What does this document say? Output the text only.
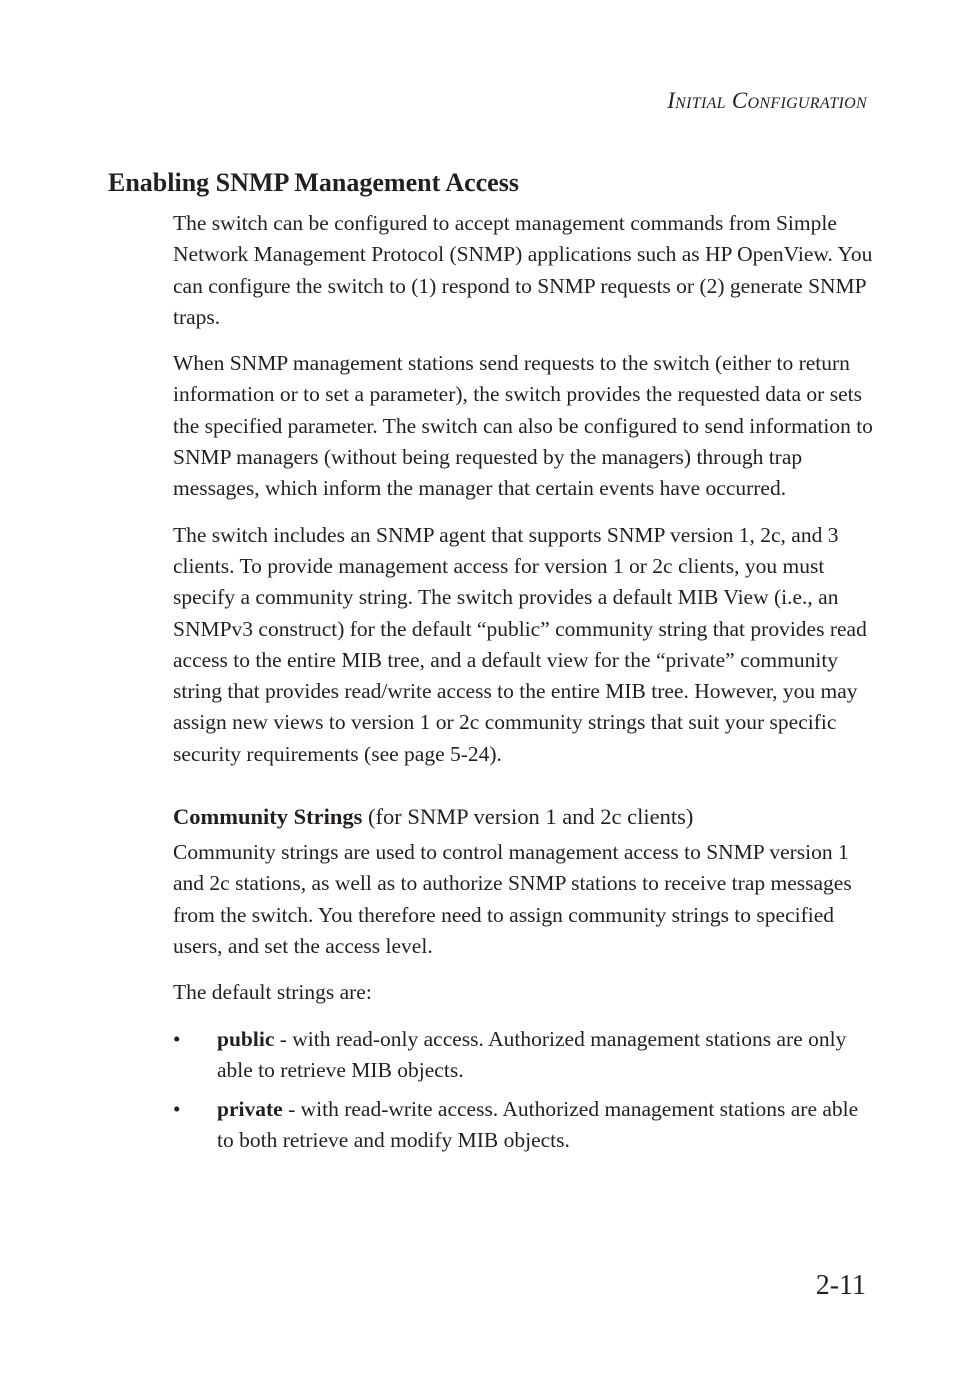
Initial Configuration
Enabling SNMP Management Access

The switch can be configured to accept management commands from Simple Network Management Protocol (SNMP) applications such as HP OpenView. You can configure the switch to (1) respond to SNMP requests or (2) generate SNMP traps.

When SNMP management stations send requests to the switch (either to return information or to set a parameter), the switch provides the requested data or sets the specified parameter. The switch can also be configured to send information to SNMP managers (without being requested by the managers) through trap messages, which inform the manager that certain events have occurred.

The switch includes an SNMP agent that supports SNMP version 1, 2c, and 3 clients. To provide management access for version 1 or 2c clients, you must specify a community string. The switch provides a default MIB View (i.e., an SNMPv3 construct) for the default “public” community string that provides read access to the entire MIB tree, and a default view for the “private” community string that provides read/write access to the entire MIB tree. However, you may assign new views to version 1 or 2c community strings that suit your specific security requirements (see page 5-24).

Community Strings (for SNMP version 1 and 2c clients)

Community strings are used to control management access to SNMP version 1 and 2c stations, as well as to authorize SNMP stations to receive trap messages from the switch. You therefore need to assign community strings to specified users, and set the access level.

The default strings are:

• public - with read-only access. Authorized management stations are only able to retrieve MIB objects.
• private - with read-write access. Authorized management stations are able to both retrieve and modify MIB objects.
2-11
